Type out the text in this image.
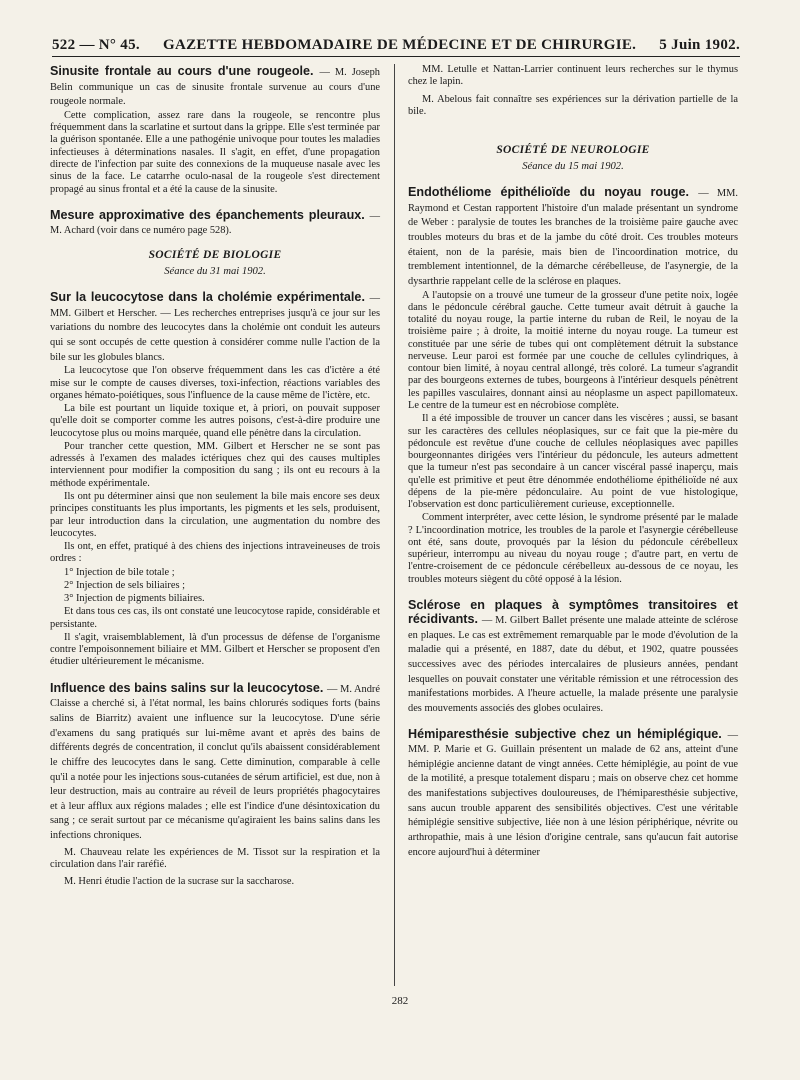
522 — N° 45.	GAZETTE HEBDOMADAIRE DE MÉDECINE ET DE CHIRURGIE.	5 Juin 1902.
Sinusite frontale au cours d'une rougeole. — M. Joseph Belin communique un cas de sinusite frontale survenue au cours d'une rougeole normale.

Cette complication, assez rare dans la rougeole, se rencontre plus fréquemment dans la scarlatine et surtout dans la grippe. Elle s'est terminée par la guérison spontanée. Elle a une pathogénie univoque pour toutes les maladies infectieuses à déterminations nasales. Il s'agit, en effet, d'une propagation directe de l'infection par suite des connexions de la muqueuse nasale avec les sinus de la face. Le catarrhe oculo-nasal de la rougeole s'est directement propagé au sinus frontal et a été la cause de la sinusite.

Mesure approximative des épanchements pleuraux. — M. Achard (voir dans ce numéro page 528).
SOCIÉTÉ DE BIOLOGIE
Séance du 31 mai 1902.
Sur la leucocytose dans la cholémie expérimentale. — MM. Gilbert et Herscher. — Les recherches entreprises jusqu'à ce jour sur les variations du nombre des leucocytes dans la cholémie ont conduit les auteurs qui se sont occupés de cette question à considérer comme nulle l'action de la bile sur les globules blancs.

La leucocytose que l'on observe fréquemment dans les cas d'ictère a été mise sur le compte de causes diverses, toxi-infection, réactions variables des organes hémato-poiétiques, sous l'influence de la cause même de l'ictère, etc.

La bile est pourtant un liquide toxique et, à priori, on pouvait supposer qu'elle doit se comporter comme les autres poisons, c'est-à-dire produire une leucocytose plus ou moins marquée, quand elle pénètre dans la circulation.

Pour trancher cette question, MM. Gilbert et Herscher ne se sont pas adressés à l'examen des malades ictériques chez qui des causes multiples interviennent pour modifier la composition du sang ; ils ont eu recours à la méthode expérimentale.

Ils ont pu déterminer ainsi que non seulement la bile mais encore ses deux principes constituants les plus importants, les pigments et les sels, produisent, par leur introduction dans la circulation, une augmentation du nombre des leucocytes.

Ils ont, en effet, pratiqué à des chiens des injections intraveineuses de trois ordres :

1° Injection de bile totale ;

2° Injection de sels biliaires ;

3° Injection de pigments biliaires.

Et dans tous ces cas, ils ont constaté une leucocytose rapide, considérable et persistante.

Il s'agit, vraisemblablement, là d'un processus de défense de l'organisme contre l'empoisonnement biliaire et MM. Gilbert et Herscher se proposent d'en étudier ultérieurement le mécanisme.

Influence des bains salins sur la leucocytose. — M. André Claisse a cherché si, à l'état normal, les bains chlorurés sodiques forts (bains salins de Biarritz) avaient une influence sur la leucocytose. D'une série d'examens du sang pratiqués sur lui-même avant et après des bains de différents degrés de concentration, il conclut qu'ils abaissent considérablement le chiffre des leucocytes dans le sang. Cette diminution, comparable à celle qu'il a notée pour les injections sous-cutanées de sérum artificiel, est due, non à leur destruction, mais au contraire au réveil de leurs propriétés phagocytaires et à leur afflux aux régions malades ; elle est l'indice d'une désintoxication du sang ; ce serait surtout par ce mécanisme qu'agiraient les bains salins dans les infections chroniques.

M. Chauveau relate les expériences de M. Tissot sur la respiration et la circulation dans l'air raréfié.

M. Henri étudie l'action de la sucrase sur la saccharose.

MM. Letulle et Nattan-Larrier continuent leurs recherches sur le thymus chez le lapin.

M. Abelous fait connaître ses expériences sur la dérivation partielle de la bile.

SOCIÉTÉ DE NEUROLOGIE
Séance du 15 mai 1902.
Endothéliome épithélioïde du noyau rouge. — MM. Raymond et Cestan rapportent l'histoire d'un malade présentant un syndrome de Weber : paralysie de toutes les branches de la troisième paire gauche avec troubles moteurs du bras et de la jambe du côté droit. Ces troubles moteurs étaient, non de la parésie, mais bien de l'incoordination motrice, du tremblement intentionnel, de la démarche cérébelleuse, de l'asynergie, de la dysarthrie rappelant celle de la sclérose en plaques.

A l'autopsie on a trouvé une tumeur de la grosseur d'une petite noix, logée dans le pédoncule cérébral gauche. Cette tumeur avait détruit à gauche la totalité du noyau rouge, la partie interne du ruban de Reil, le noyau de la troisième paire ; à droite, la moitié interne du noyau rouge. La tumeur est constituée par une série de tubes qui ont complètement détruit la substance nerveuse. Leur paroi est formée par une couche de cellules cylindriques, à contour bien limité, à noyau central allongé, très coloré. La tumeur s'agrandit par des bourgeons externes de tubes, bourgeons à l'intérieur desquels pénètrent les papilles vasculaires, donnant ainsi au néoplasme un aspect papillomateux. Le centre de la tumeur est en nécrobiose complète.

Il a été impossible de trouver un cancer dans les viscères ; aussi, se basant sur les caractères des cellules néoplasiques, sur ce fait que la pie-mère du pédoncule est revêtue d'une couche de cellules néoplasiques avec papilles bourgeonnantes dirigées vers l'intérieur du pédoncule, les auteurs admettent que la tumeur n'est pas secondaire à un cancer viscéral passé inaperçu, mais qu'elle est primitive et peut être dénommée endothéliome épithélioïde né aux dépens de la pie-mère pédonculaire. Au point de vue histologique, l'observation est donc particulièrement curieuse, exceptionnelle.

Comment interpréter, avec cette lésion, le syndrome présenté par le malade ? L'incoordination motrice, les troubles de la parole et l'asynergie cérébelleuse ont été, sans doute, provoqués par la lésion du pédoncule cérébelleux supérieur, interrompu au niveau du noyau rouge ; d'autre part, en vertu de l'entre-croisement de ce pédoncule cérébelleux au-dessous de ce noyau, les troubles moteurs siègent du côté opposé à la lésion.

Sclérose en plaques à symptômes transitoires et récidivants. — M. Gilbert Ballet présente une malade atteinte de sclérose en plaques. Le cas est extrêmement remarquable par le mode d'évolution de la maladie qui a présenté, en 1887, date du début, et 1902, quatre poussées successives avec des périodes intercalaires de plusieurs années, pendant lesquelles on pouvait constater une véritable rémission et une rétrocession des manifestations morbides. A l'heure actuelle, la malade présente une paralysie des mouvements associés des globes oculaires.
Hémiparesthésie subjective chez un hémiplégique. — MM. P. Marie et G. Guillain présentent un malade de 62 ans, atteint d'une hémiplégie ancienne datant de vingt années. Cette hémiplégie, au point de vue de la motilité, a presque totalement disparu ; mais on observe chez cet homme des manifestations subjectives douloureuses, de l'hémiparesthésie subjective, sans aucun trouble apparent des sensibilités objectives. C'est une véritable hémiplégie sensitive subjective, liée non à une lésion périphérique, névrite ou arthropathie, mais à une lésion d'origine centrale, sans qu'aucun fait autorise encore aujourd'hui à déterminer
282
